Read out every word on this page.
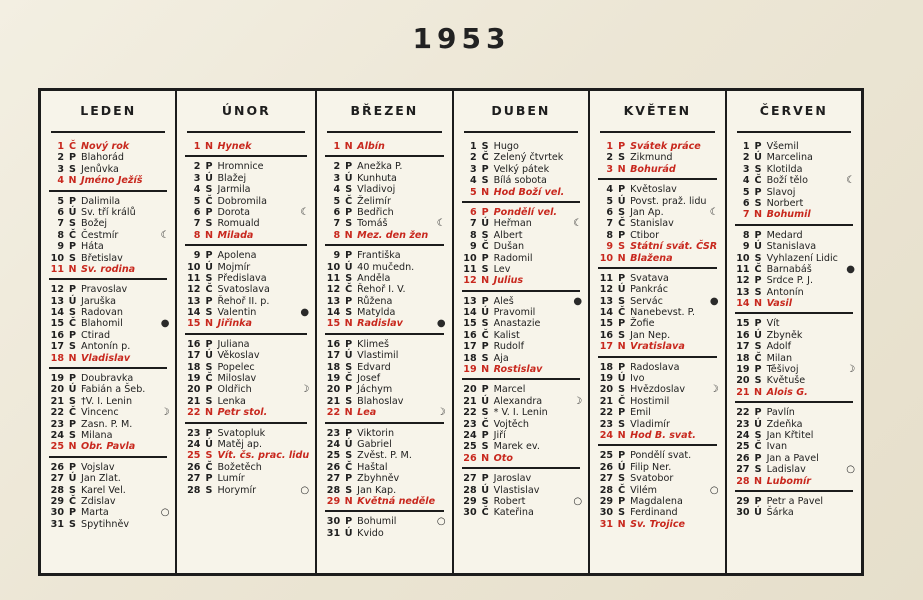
1953
LEDEN
1 Č Nový rok
2 P Blahorád
3 S Jenůvka
4 N Jméno Ježíš
5 P Dalimila
6 Ú Sv. tří králů
7 S Božej
8 Č Čestmír	☾
9 P Háta
10 S Břetislav
11 N Sv. rodina
12 P Pravoslav
13 Ú Jaruška
14 S Radovan
15 Č Blahomil	●
16 P Ctirad
17 S Antonín p.
18 N Vladislav
19 P Doubravka
20 Ú Fabián a Šeb.
21 S †V. I. Lenin
22 Č Vincenc	☽
23 P Zasn. P. M.
24 S Milana
25 N Obr. Pavla
26 P Vojslav
27 Ú Jan Zlat.
28 S Karel Vel.
29 Č Zdislav
30 P Marta	○
31 S Spytihněv
ÚNOR
1 N Hynek
2 P Hromnice
3 Ú Blažej
4 S Jarmila
5 Č Dobromila
6 P Dorota	☾
7 S Romuald
8 N Milada
9 P Apolena
10 Ú Mojmír
11 S Předislava
12 Č Svatoslava
13 P Řehoř II. p.
14 S Valentin	●
15 N Jiřinka
16 P Juliana
17 Ú Věkoslav
18 S Popelec
19 Č Miloslav
20 P Oldřich	☽
21 S Lenka
22 N Petr stol.
23 P Svatopluk
24 Ú Matěj ap.
25 S Vít. čs. prac. lidu
26 Č Božetěch
27 P Lumír
28 S Horymír	○
BŘEZEN
1 N Albín
2 P Anežka P.
3 Ú Kunhuta
4 S Vladivoj
5 Č Želimír
6 P Bedřich
7 S Tomáš	☾
8 N Mez. den žen
9 P Františka
10 Ú 40 mučedn.
11 S Anděla
12 Č Řehoř I. V.
13 P Růžena
14 S Matylda
15 N Radislav	●
16 P Klimeš
17 Ú Vlastimil
18 S Edvard
19 Č Josef
20 P Jáchym
21 S Blahoslav
22 N Lea	☽
23 P Viktorin
24 Ú Gabriel
25 S Zvěst. P. M.
26 Č Haštal
27 P Zbyhněv
28 S Jan Kap.
29 N Květná neděle
30 P Bohumil	○
31 Ú Kvido
DUBEN
1 S Hugo
2 Č Zelený čtvrtek
3 P Velký pátek
4 S Bílá sobota
5 N Hod Boží vel.
6 P Pondělí vel.
7 Ú Heřman	☾
8 S Albert
9 Č Dušan
10 P Radomil
11 S Lev
12 N Julius
13 P Aleš	●
14 Ú Pravomil
15 S Anastazie
16 Č Kalist
17 P Rudolf
18 S Aja
19 N Rostislav
20 P Marcel
21 Ú Alexandra	☽
22 S * V. I. Lenin
23 Č Vojtěch
24 P Jiří
25 S Marek ev.
26 N Oto
27 P Jaroslav
28 Ú Vlastislav
29 S Robert	○
30 Č Kateřina
KVĚTEN
1 P Svátek práce
2 S Zikmund
3 N Bohurád
4 P Květoslav
5 Ú Povst. praž. lidu
6 S Jan Ap.	☾
7 Č Stanislav
8 P Ctibor
9 S Státní svát. ČSR
10 N Blažena
11 P Svatava
12 Ú Pankrác
13 S Servác	●
14 Č Nanebevst. P.
15 P Žofie
16 S Jan Nep.
17 N Vratislava
18 P Radoslava
19 Ú Ivo
20 S Hvězdoslav ☽
21 Č Hostimil
22 P Emil
23 S Vladimír
24 N Hod B. svat.
25 P Pondělí svat.
26 Ú Filip Ner.
27 S Svatobor
28 Č Vilém	○
29 P Magdalena
30 S Ferdinand
31 N Sv. Trojice
ČERVEN
1 P Všemil
2 Ú Marcelina
3 S Klotilda
4 Č Boží tělo	☾
5 P Slavoj
6 S Norbert
7 N Bohumil
8 P Medard
9 Ú Stanislava
10 S Vyhlazení Lidic
11 Č Barnabáš	●
12 P Srdce P. J.
13 S Antonín
14 N Vasil
15 P Vít
16 Ú Zbyněk
17 S Adolf
18 Č Milan
19 P Těšivoj	☽
20 S Květuše
21 N Alois G.
22 P Pavlín
23 Ú Zdeňka
24 S Jan Křtitel
25 Č Ivan
26 P Jan a Pavel
27 S Ladislav	○
28 N Lubomír
29 P Petr a Pavel
30 Ú Šárka
